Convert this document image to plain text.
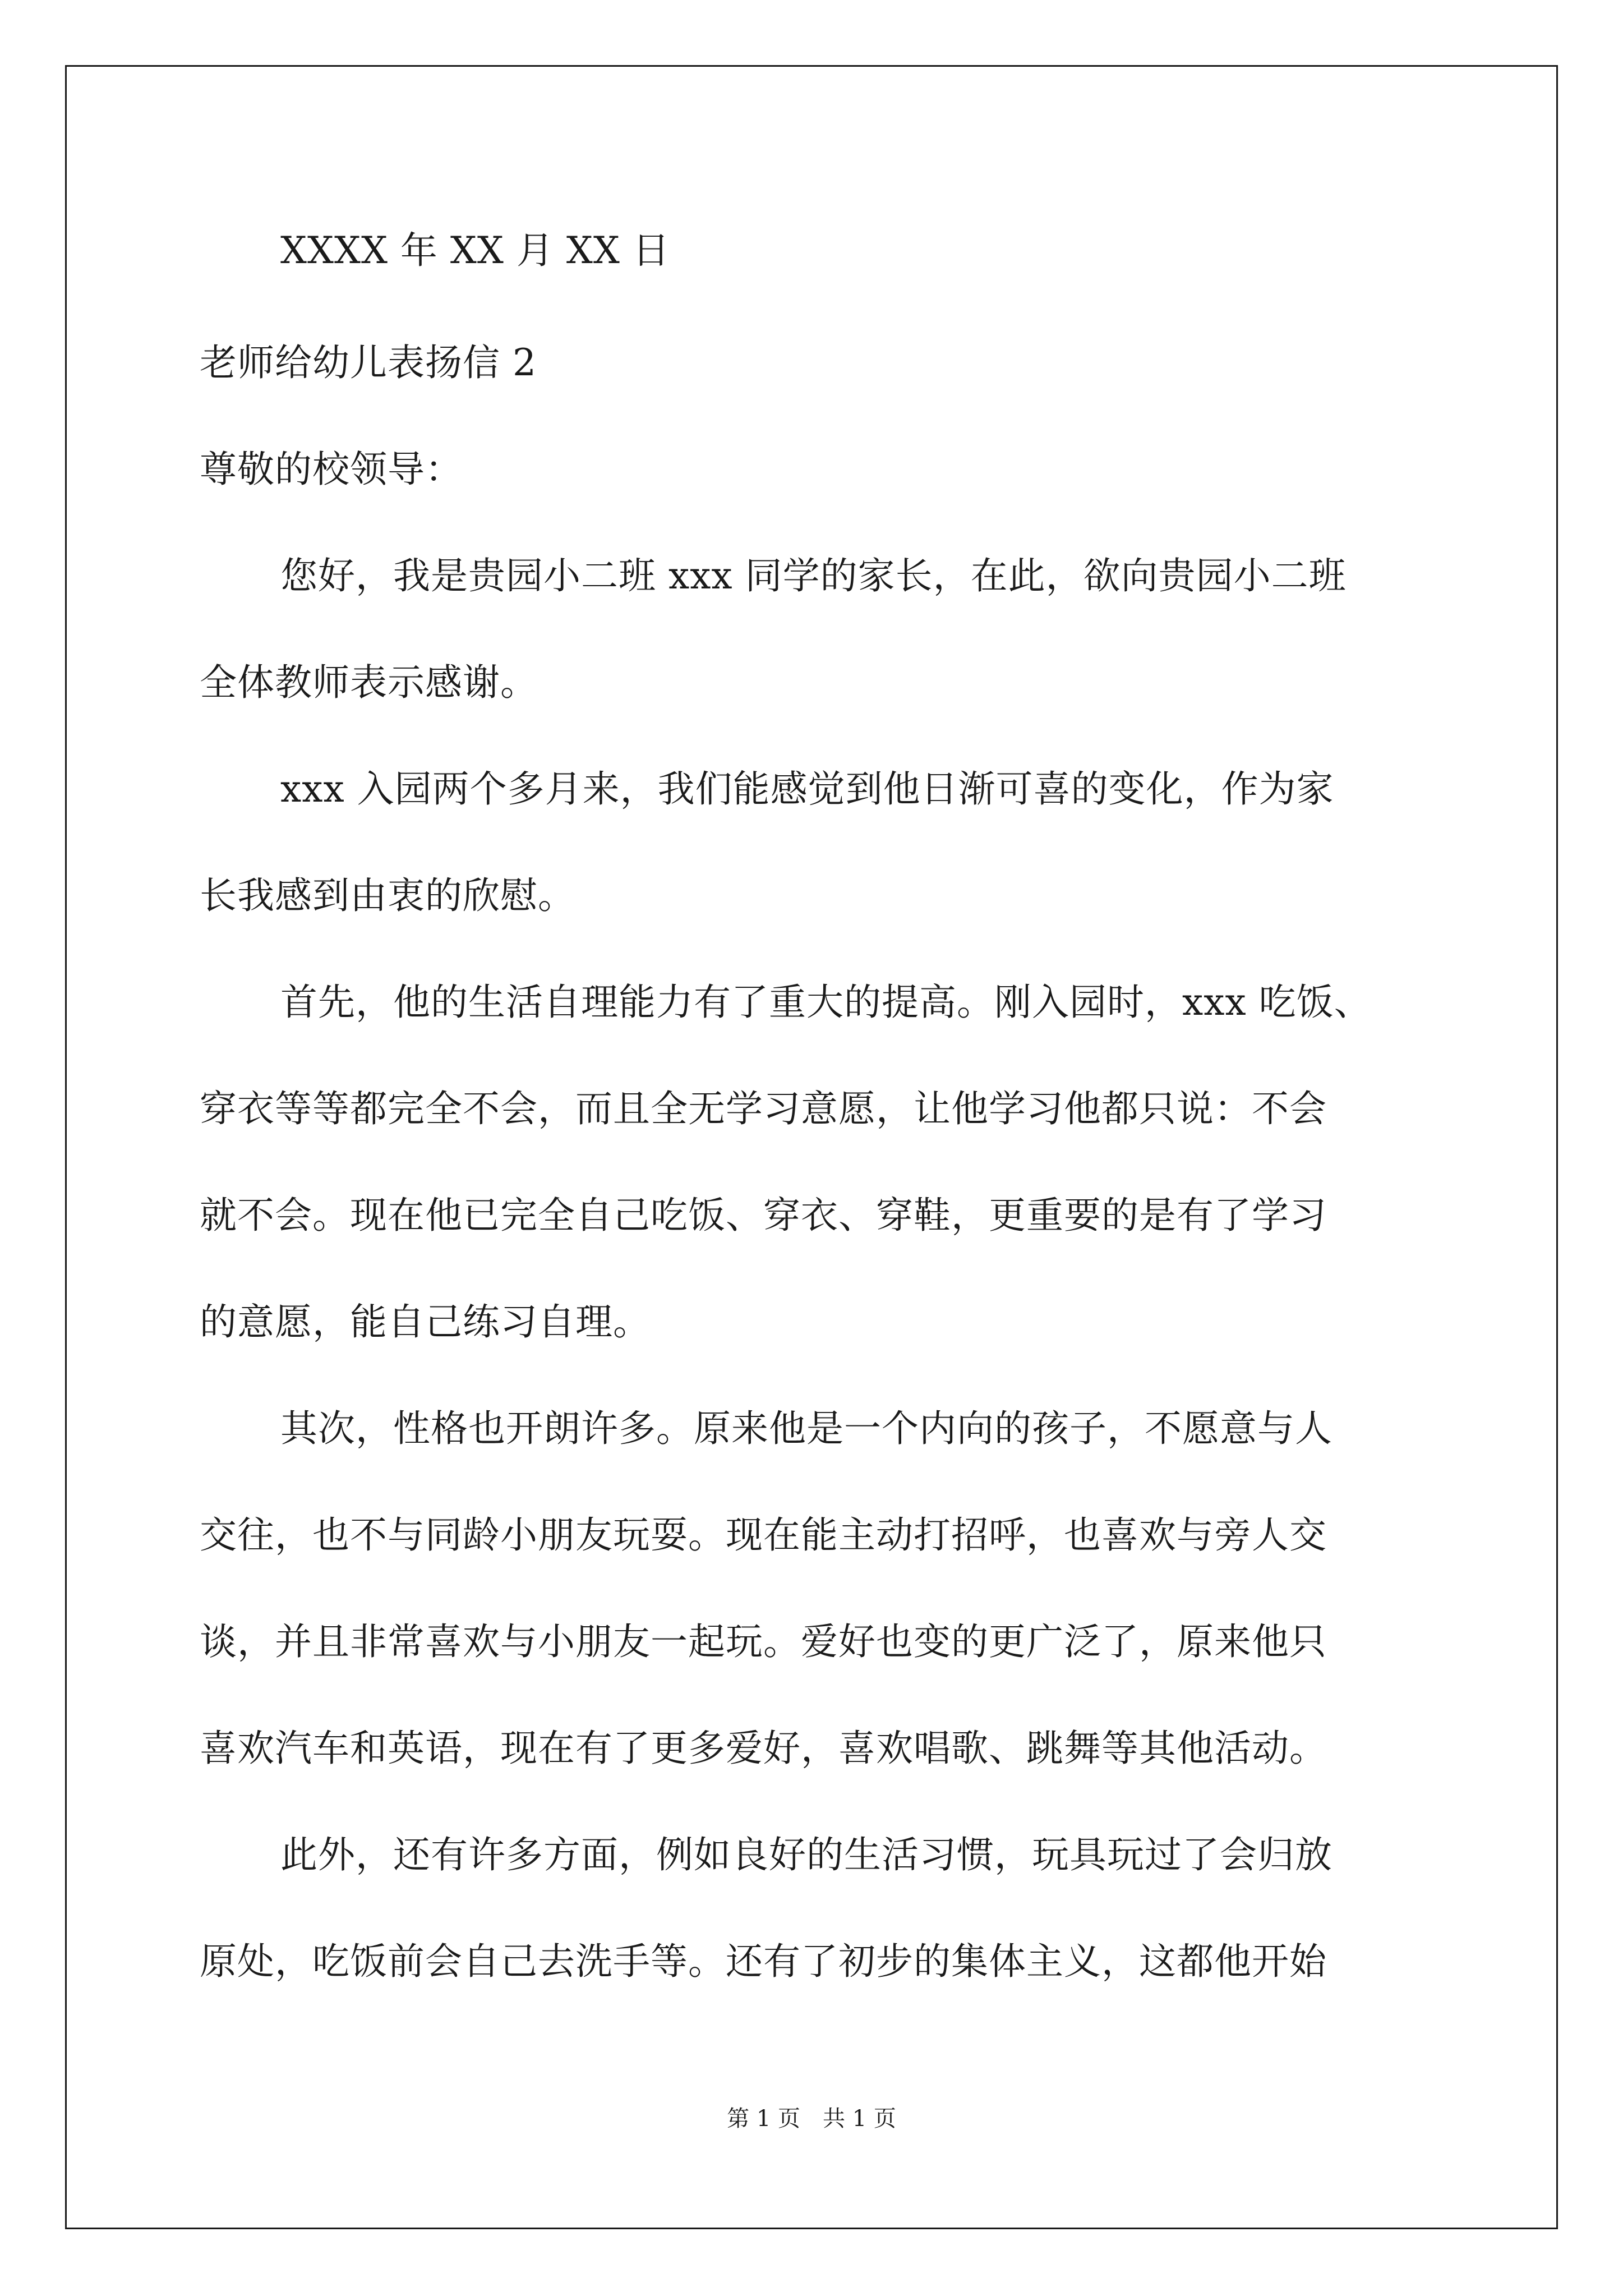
XXXX 年 XX 月 XX 日
老师给幼儿表扬信 2
尊敬的校领导：
您好，我是贵园小二班 xxx 同学的家长，在此，欲向贵园小二班
全体教师表示感谢。
xxx 入园两个多月来，我们能感觉到他日渐可喜的变化，作为家
长我感到由衷的欣慰。
首先，他的生活自理能力有了重大的提高。刚入园时，xxx 吃饭、
穿衣等等都完全不会，而且全无学习意愿，让他学习他都只说：不会
就不会。现在他已完全自己吃饭、穿衣、穿鞋，更重要的是有了学习
的意愿，能自己练习自理。
其次，性格也开朗许多。原来他是一个内向的孩子，不愿意与人
交往，也不与同龄小朋友玩耍。现在能主动打招呼，也喜欢与旁人交
谈，并且非常喜欢与小朋友一起玩。爱好也变的更广泛了，原来他只
喜欢汽车和英语，现在有了更多爱好，喜欢唱歌、跳舞等其他活动。
此外，还有许多方面，例如良好的生活习惯，玩具玩过了会归放
原处，吃饭前会自己去洗手等。还有了初步的集体主义，这都他开始
第 1 页　共 1 页
